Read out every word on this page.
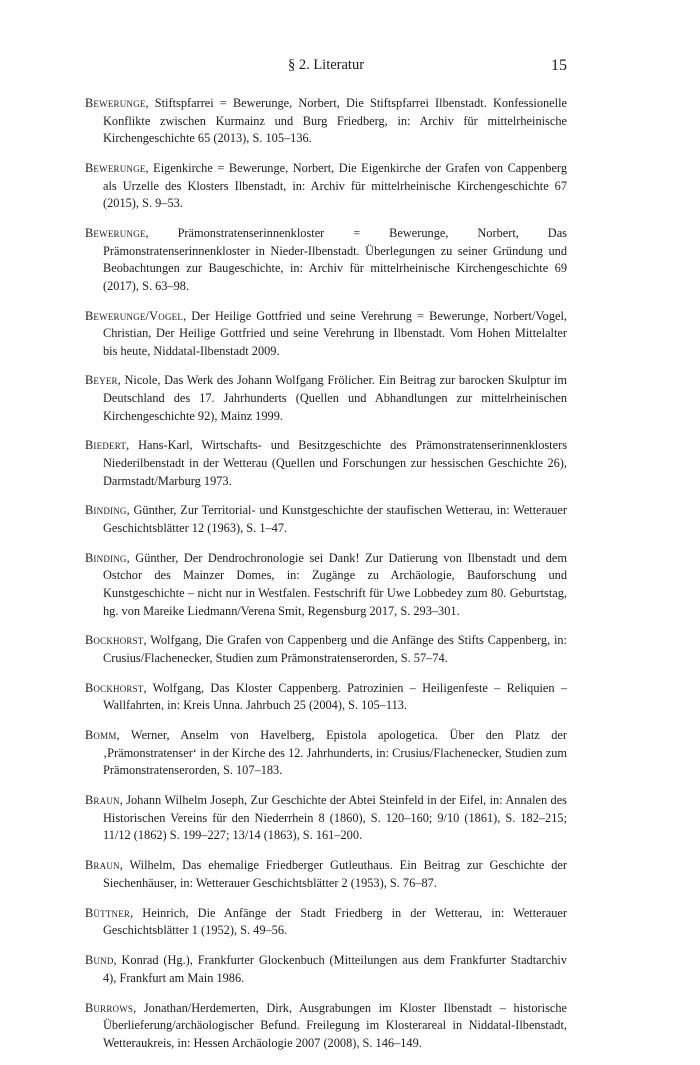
§ 2. Literatur	15

Bewerunge, Stiftspfarrei = Bewerunge, Norbert, Die Stiftspfarrei Ilbenstadt. Konfessionelle Konflikte zwischen Kurmainz und Burg Friedberg, in: Archiv für mittelrheinische Kirchengeschichte 65 (2013), S. 105–136.

Bewerunge, Eigenkirche = Bewerunge, Norbert, Die Eigenkirche der Grafen von Cappenberg als Urzelle des Klosters Ilbenstadt, in: Archiv für mittelrheinische Kirchengeschichte 67 (2015), S. 9–53.

Bewerunge, Prämonstratenserinnenkloster = Bewerunge, Norbert, Das Prämonstratenserinnenkloster in Nieder-Ilbenstadt. Überlegungen zu seiner Gründung und Beobachtungen zur Baugeschichte, in: Archiv für mittelrheinische Kirchengeschichte 69 (2017), S. 63–98.

Bewerunge/Vogel, Der Heilige Gottfried und seine Verehrung = Bewerunge, Norbert/Vogel, Christian, Der Heilige Gottfried und seine Verehrung in Ilbenstadt. Vom Hohen Mittelalter bis heute, Niddatal-Ilbenstadt 2009.

Beyer, Nicole, Das Werk des Johann Wolfgang Frölicher. Ein Beitrag zur barocken Skulptur im Deutschland des 17. Jahrhunderts (Quellen und Abhandlungen zur mittelrheinischen Kirchengeschichte 92), Mainz 1999.

Biedert, Hans-Karl, Wirtschafts- und Besitzgeschichte des Prämonstratenserinnenklosters Niederilbenstadt in der Wetterau (Quellen und Forschungen zur hessischen Geschichte 26), Darmstadt/Marburg 1973.

Binding, Günther, Zur Territorial- und Kunstgeschichte der staufischen Wetterau, in: Wetterauer Geschichtsblätter 12 (1963), S. 1–47.

Binding, Günther, Der Dendrochronologie sei Dank! Zur Datierung von Ilbenstadt und dem Ostchor des Mainzer Domes, in: Zugänge zu Archäologie, Bauforschung und Kunstgeschichte – nicht nur in Westfalen. Festschrift für Uwe Lobbedey zum 80. Geburtstag, hg. von Mareike Liedmann/Verena Smit, Regensburg 2017, S. 293–301.

Bockhorst, Wolfgang, Die Grafen von Cappenberg und die Anfänge des Stifts Cappenberg, in: Crusius/Flachenecker, Studien zum Prämonstratenserorden, S. 57–74.

Bockhorst, Wolfgang, Das Kloster Cappenberg. Patrozinien – Heiligenfeste – Reliquien – Wallfahrten, in: Kreis Unna. Jahrbuch 25 (2004), S. 105–113.

Bomm, Werner, Anselm von Havelberg, Epistola apologetica. Über den Platz der ‚Prämonstratenser‘ in der Kirche des 12. Jahrhunderts, in: Crusius/Flachenecker, Studien zum Prämonstratenserorden, S. 107–183.

Braun, Johann Wilhelm Joseph, Zur Geschichte der Abtei Steinfeld in der Eifel, in: Annalen des Historischen Vereins für den Niederrhein 8 (1860), S. 120–160; 9/10 (1861), S. 182–215; 11/12 (1862) S. 199–227; 13/14 (1863), S. 161–200.

Braun, Wilhelm, Das ehemalige Friedberger Gutleuthaus. Ein Beitrag zur Geschichte der Siechenhäuser, in: Wetterauer Geschichtsblätter 2 (1953), S. 76–87.

Büttner, Heinrich, Die Anfänge der Stadt Friedberg in der Wetterau, in: Wetterauer Geschichtsblätter 1 (1952), S. 49–56.

Bund, Konrad (Hg.), Frankfurter Glockenbuch (Mitteilungen aus dem Frankfurter Stadtarchiv 4), Frankfurt am Main 1986.

Burrows, Jonathan/Herdemerten, Dirk, Ausgrabungen im Kloster Ilbenstadt – historische Überlieferung/archäologischer Befund. Freilegung im Klosterareal in Niddatal-Ilbenstadt, Wetteraukreis, in: Hessen Archäologie 2007 (2008), S. 146–149.
